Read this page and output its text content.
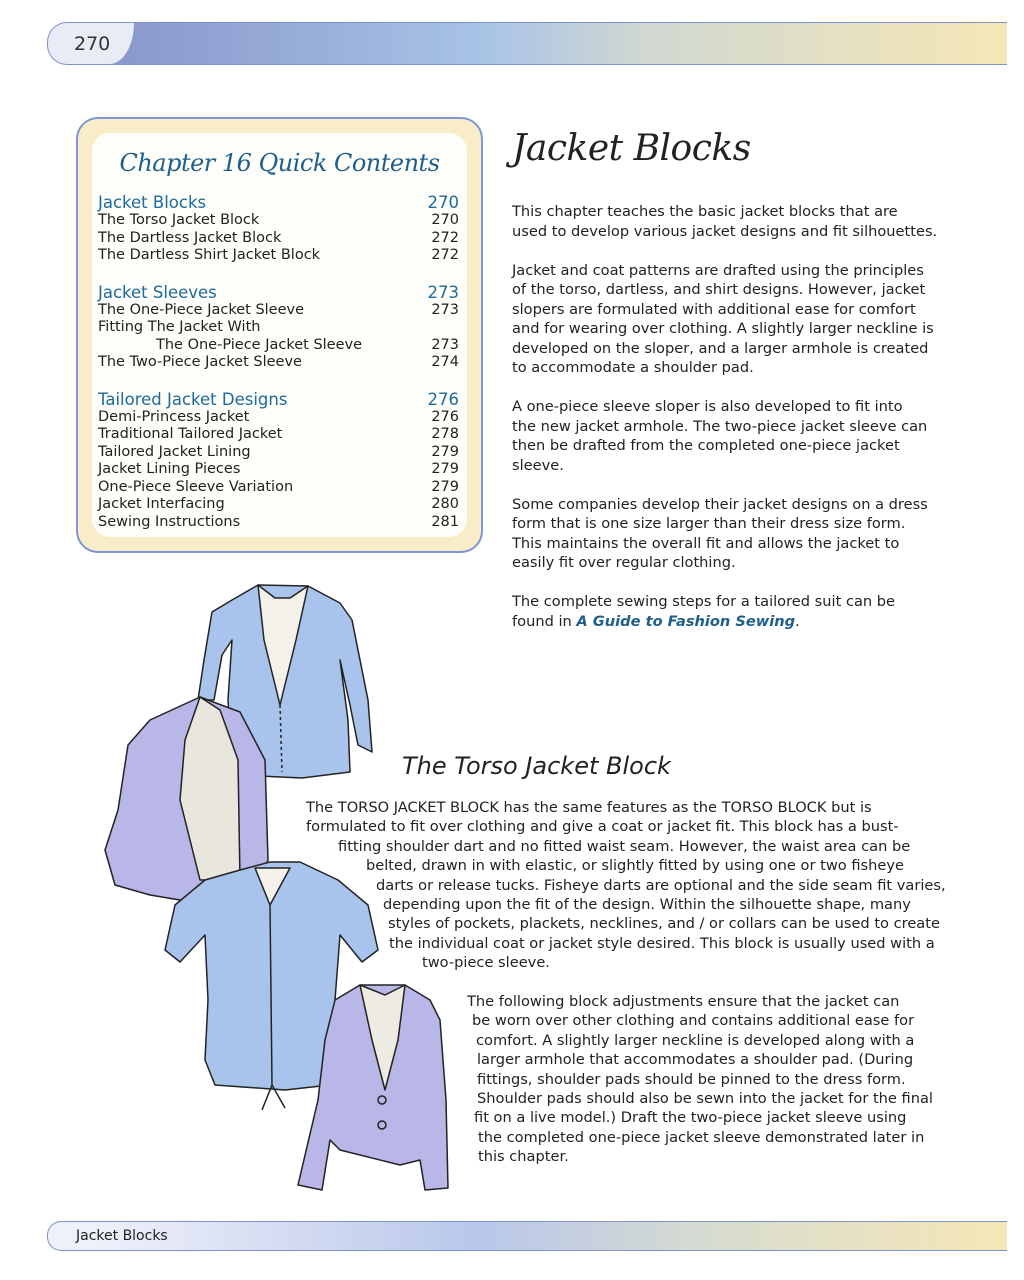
270
Chapter 16 Quick Contents
Jacket Blocks	270
The Torso Jacket Block	270
The Dartless Jacket Block	272
The Dartless Shirt Jacket Block	272
Jacket Sleeves	273
The One-Piece Jacket Sleeve	273
Fitting The Jacket With
The One-Piece Jacket Sleeve	273
The Two-Piece Jacket Sleeve	274
Tailored Jacket Designs	276
Demi-Princess Jacket	276
Traditional Tailored Jacket	278
Tailored Jacket Lining	279
Jacket Lining Pieces	279
One-Piece Sleeve Variation	279
Jacket Interfacing	280
Sewing Instructions	281
Jacket Blocks

This chapter teaches the basic jacket blocks that are
used to develop various jacket designs and fit silhouettes.

Jacket and coat patterns are drafted using the principles
of the torso, dartless, and shirt designs. However, jacket
slopers are formulated with additional ease for comfort
and for wearing over clothing. A slightly larger neckline is
developed on the sloper, and a larger armhole is created
to accommodate a shoulder pad.

A one-piece sleeve sloper is also developed to fit into
the new jacket armhole. The two-piece jacket sleeve can
then be drafted from the completed one-piece jacket
sleeve.

Some companies develop their jacket designs on a dress
form that is one size larger than their dress size form.
This maintains the overall fit and allows the jacket to
easily fit over regular clothing.

The complete sewing steps for a tailored suit can be
found in A Guide to Fashion Sewing.

The Torso Jacket Block
The TORSO JACKET BLOCK has the same features as the TORSO BLOCK but is
formulated to fit over clothing and give a coat or jacket fit. This block has a bust-
fitting shoulder dart and no fitted waist seam. However, the waist area can be
belted, drawn in with elastic, or slightly fitted by using one or two fisheye
darts or release tucks. Fisheye darts are optional and the side seam fit varies,
depending upon the fit of the design. Within the silhouette shape, many
styles of pockets, plackets, necklines, and / or collars can be used to create
the individual coat or jacket style desired. This block is usually used with a
two-piece sleeve.
The following block adjustments ensure that the jacket can
be worn over other clothing and contains additional ease for
comfort. A slightly larger neckline is developed along with a
larger armhole that accommodates a shoulder pad. (During
fittings, shoulder pads should be pinned to the dress form.
Shoulder pads should also be sewn into the jacket for the final
fit on a live model.) Draft the two-piece jacket sleeve using
the completed one-piece jacket sleeve demonstrated later in
this chapter.
Jacket Blocks
